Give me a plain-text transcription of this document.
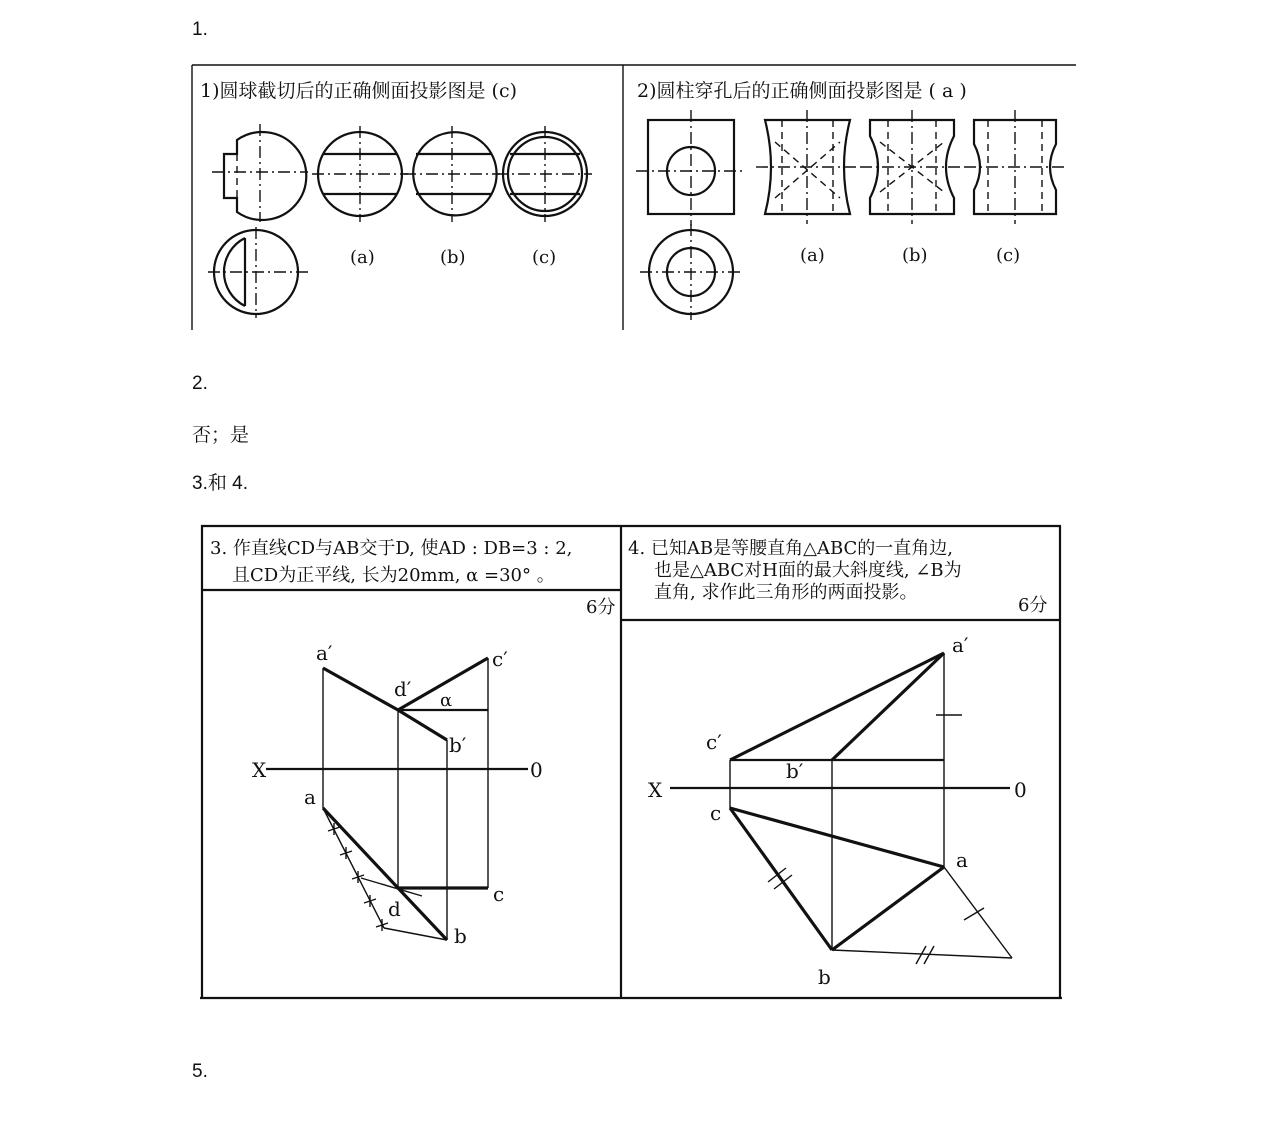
1.
1)圆球截切后的正确侧面投影图是 (c)	2)圆柱穿孔后的正确侧面投影图是 ( a )
(a)	(b)	(c)	(a)	(b)	(c)
2.
否；是
3.和 4.
3. 作直线CD与AB交于D, 使AD : DB=3 : 2,
且CD为正平线, 长为20mm, α =30° 。
6分
4. 已知AB是等腰直角△ABC的一直角边,
也是△ABC对H面的最大斜度线, ∠B为
直角, 求作此三角形的两面投影。
6分
a′	c′
d′ α
b′
X	0
a
d
c
b
a′
c′
b′
X	0
c
a
b
5.
